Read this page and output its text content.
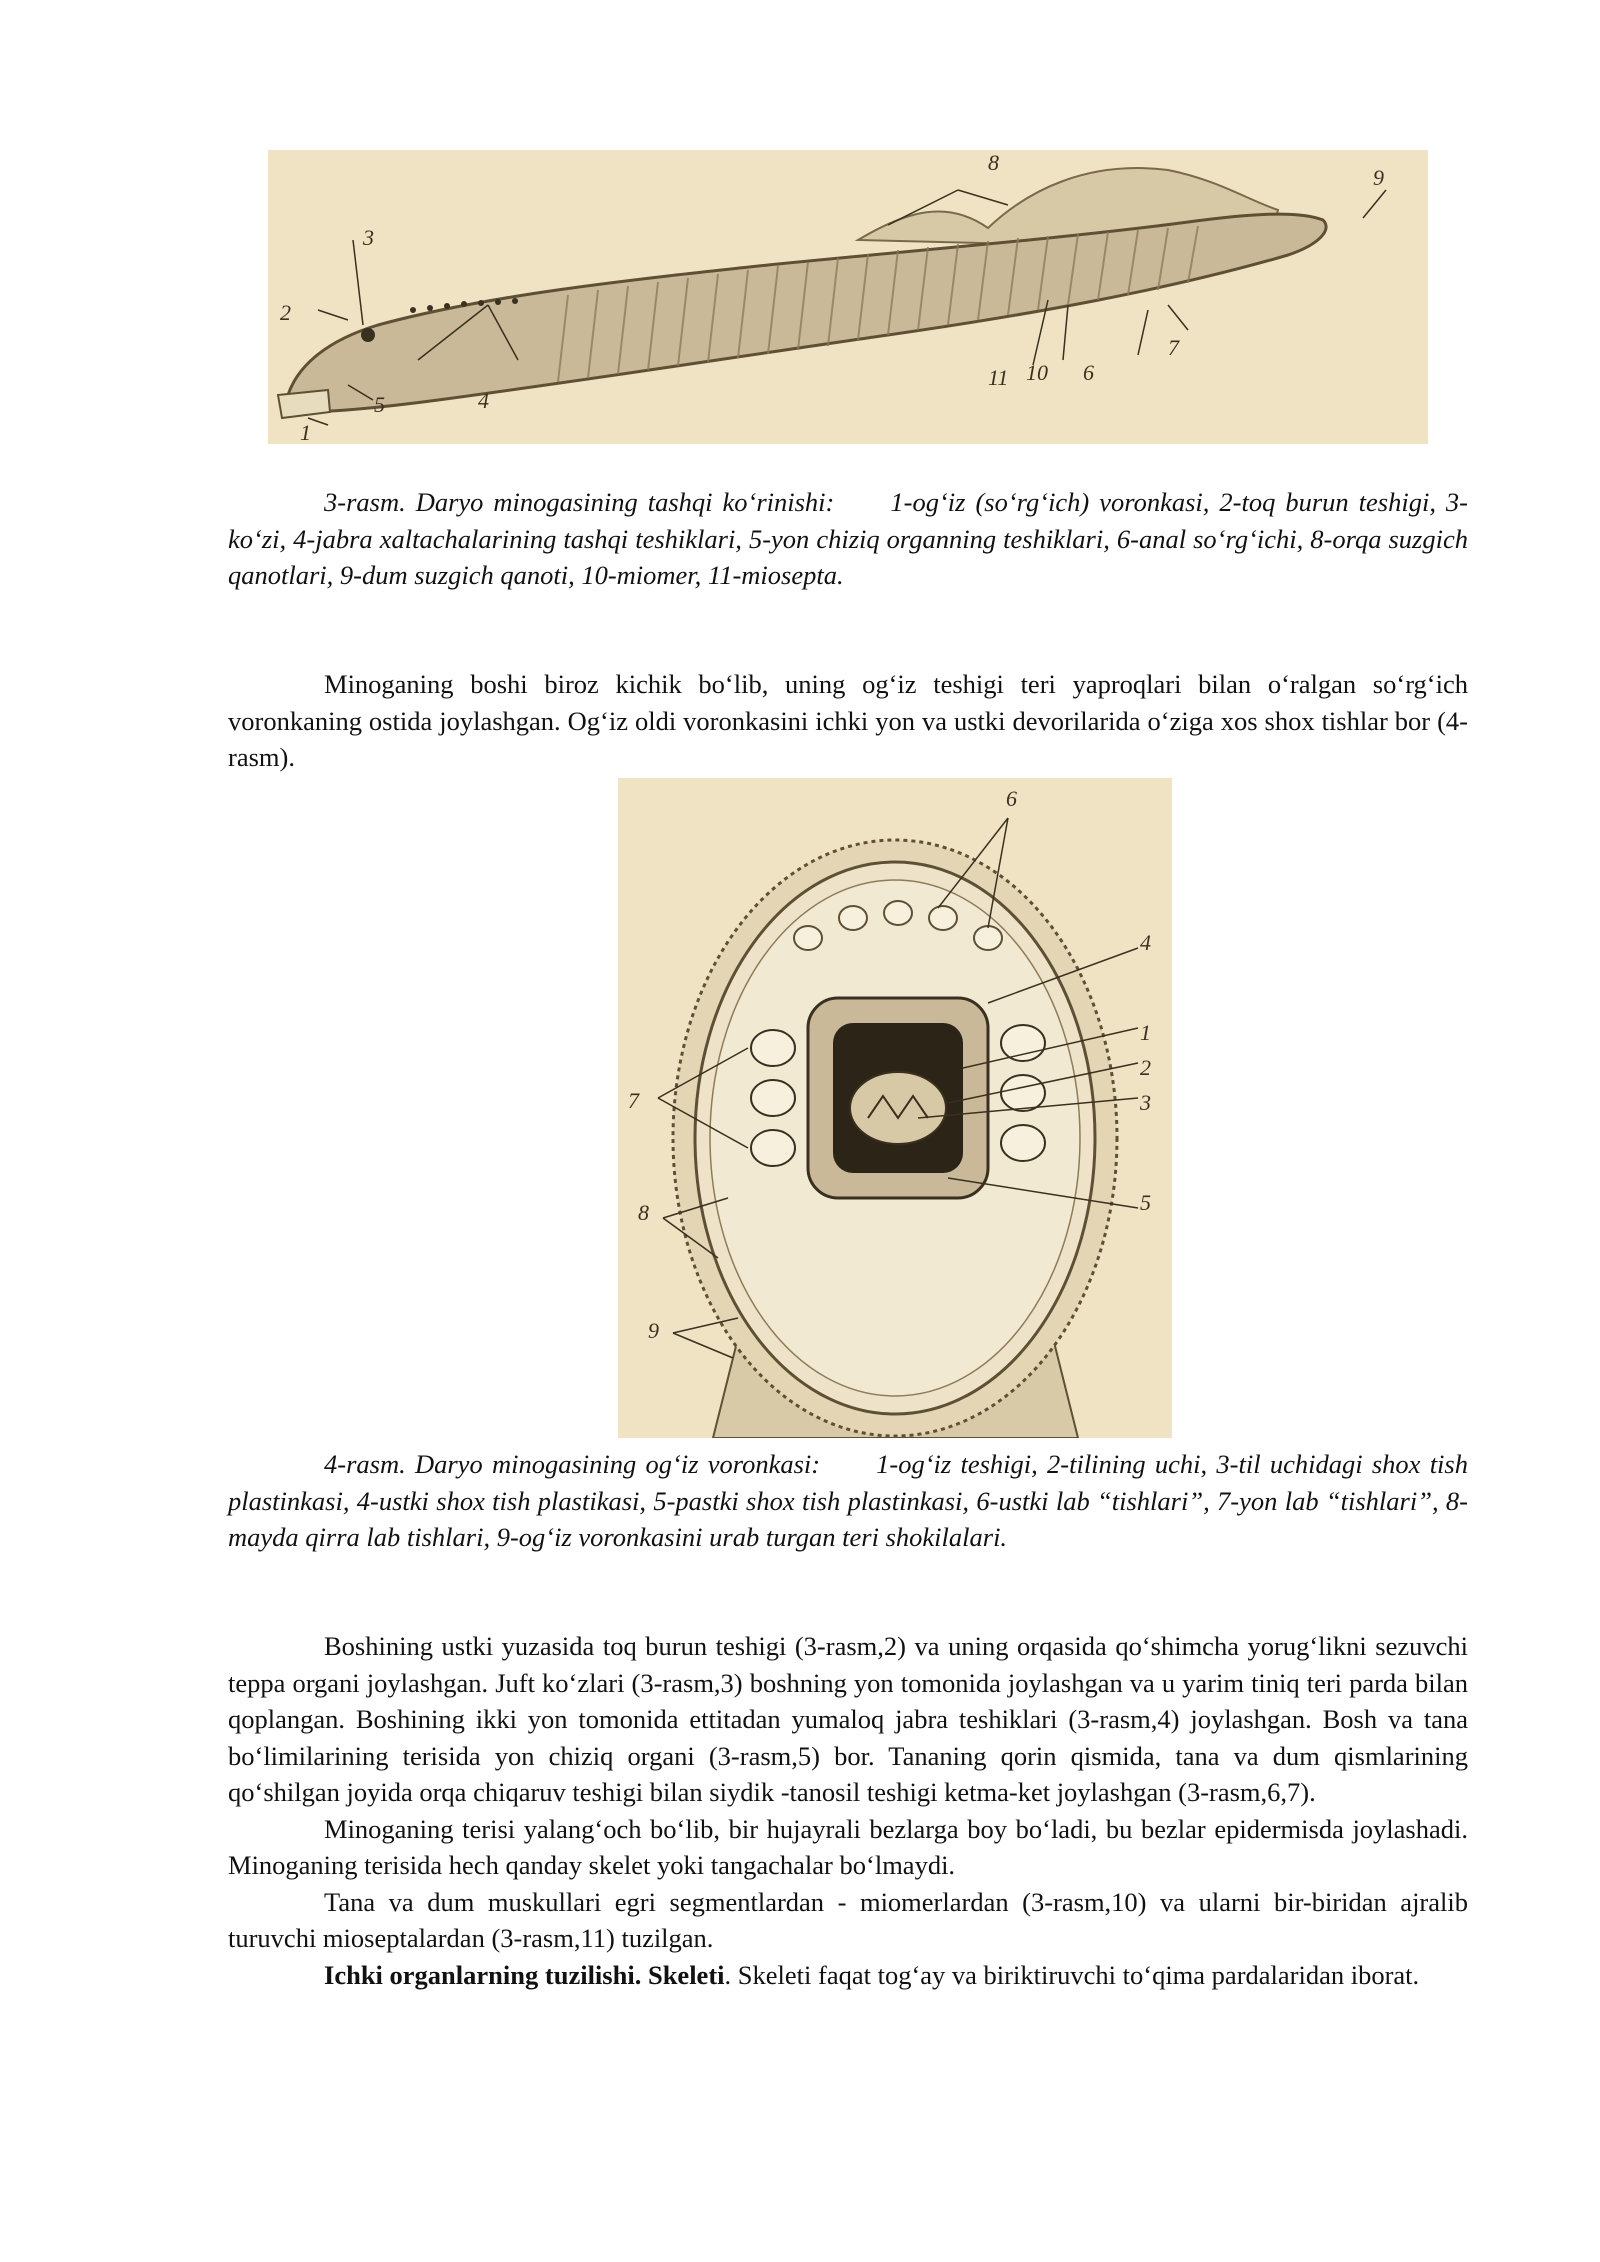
1
2
3
4
5
6
7
8
9
10
11

3-rasm. Daryo minogasining tashqi ko‘rinishi: 1-og‘iz (so‘rg‘ich) voronkasi, 2-toq burun teshigi, 3-ko‘zi, 4-jabra xaltachalarining tashqi teshiklari, 5-yon chiziq organning teshiklari, 6-anal so‘rg‘ichi, 8-orqa suzgich qanotlari, 9-dum suzgich qanoti, 10-miomer, 11-miosepta.

Minoganing boshi biroz kichik bo‘lib, uning og‘iz teshigi teri yaproqlari bilan o‘ralgan so‘rg‘ich voronkaning ostida joylashgan. Og‘iz oldi voronkasini ichki yon va ustki devorilarida o‘ziga xos shox tishlar bor (4-rasm).

1
2
3
4
5
6
7
8
9

4-rasm. Daryo minogasining og‘iz voronkasi: 1-og‘iz teshigi, 2-tilining uchi, 3-til uchidagi shox tish plastinkasi, 4-ustki shox tish plastikasi, 5-pastki shox tish plastinkasi, 6-ustki lab “tishlari”, 7-yon lab “tishlari”, 8-mayda qirra lab tishlari, 9-og‘iz voronkasini urab turgan teri shokilalari.

Boshining ustki yuzasida toq burun teshigi (3-rasm,2) va uning orqasida qo‘shimcha yorug‘likni sezuvchi teppa organi joylashgan. Juft ko‘zlari (3-rasm,3) boshning yon tomonida joylashgan va u yarim tiniq teri parda bilan qoplangan. Boshining ikki yon tomonida ettitadan yumaloq jabra teshiklari (3-rasm,4) joylashgan. Bosh va tana bo‘limilarining terisida yon chiziq organi (3-rasm,5) bor. Tananing qorin qismida, tana va dum qismlarining qo‘shilgan joyida orqa chiqaruv teshigi bilan siydik -tanosil teshigi ketma-ket joylashgan (3-rasm,6,7).

Minoganing terisi yalang‘och bo‘lib, bir hujayrali bezlarga boy bo‘ladi, bu bezlar epidermisda joylashadi. Minoganing terisida hech qanday skelet yoki tangachalar bo‘lmaydi.

Tana va dum muskullari egri segmentlardan - miomerlardan (3-rasm,10) va ularni bir-biridan ajralib turuvchi mioseptalardan (3-rasm,11) tuzilgan.

Ichki organlarning tuzilishi. Skeleti. Skeleti faqat tog‘ay va biriktiruvchi to‘qima pardalaridan iborat.
